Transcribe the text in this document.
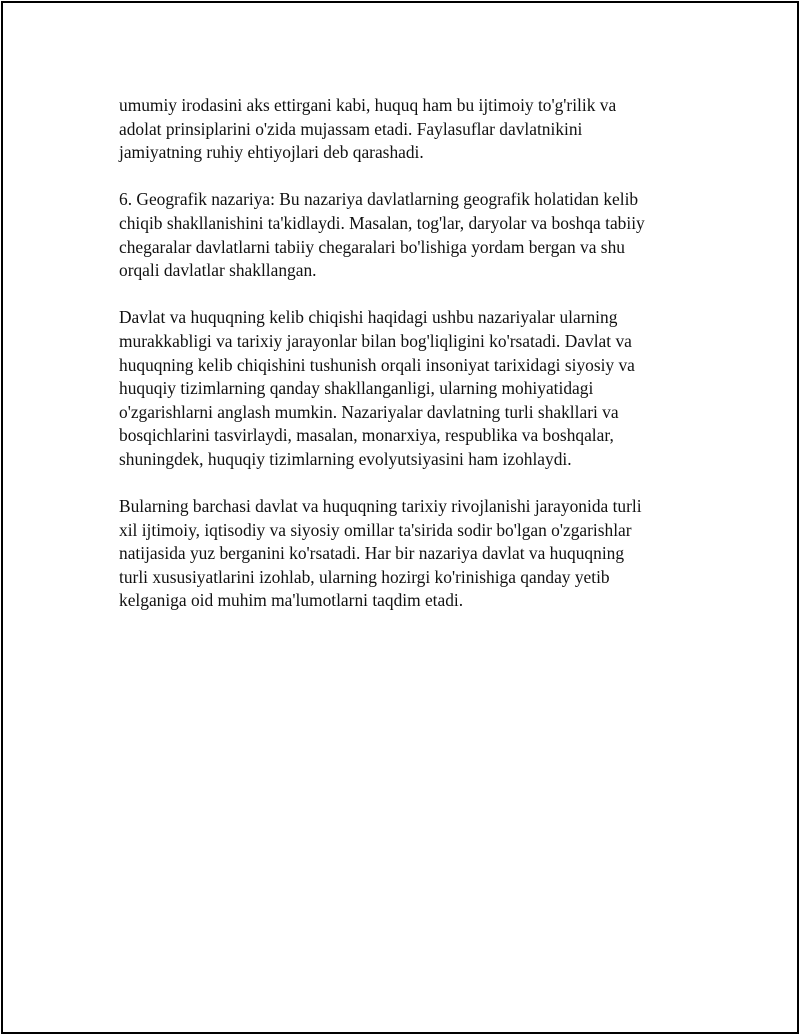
umumiy irodasini aks ettirgani kabi, huquq ham bu ijtimoiy to'g'rilik va
adolat prinsiplarini o'zida mujassam etadi. Faylasuflar davlatnikini
jamiyatning ruhiy ehtiyojlari deb qarashadi.

6. Geografik nazariya: Bu nazariya davlatlarning geografik holatidan kelib
chiqib shakllanishini ta'kidlaydi. Masalan, tog'lar, daryolar va boshqa tabiiy
chegaralar davlatlarni tabiiy chegaralari bo'lishiga yordam bergan va shu
orqali davlatlar shakllangan.

Davlat va huquqning kelib chiqishi haqidagi ushbu nazariyalar ularning
murakkabligi va tarixiy jarayonlar bilan bog'liqligini ko'rsatadi. Davlat va
huquqning kelib chiqishini tushunish orqali insoniyat tarixidagi siyosiy va
huquqiy tizimlarning qanday shakllanganligi, ularning mohiyatidagi
o'zgarishlarni anglash mumkin. Nazariyalar davlatning turli shakllari va
bosqichlarini tasvirlaydi, masalan, monarxiya, respublika va boshqalar,
shuningdek, huquqiy tizimlarning evolyutsiyasini ham izohlaydi.

Bularning barchasi davlat va huquqning tarixiy rivojlanishi jarayonida turli
xil ijtimoiy, iqtisodiy va siyosiy omillar ta'sirida sodir bo'lgan o'zgarishlar
natijasida yuz berganini ko'rsatadi. Har bir nazariya davlat va huquqning
turli xususiyatlarini izohlab, ularning hozirgi ko'rinishiga qanday yetib
kelganiga oid muhim ma'lumotlarni taqdim etadi.
